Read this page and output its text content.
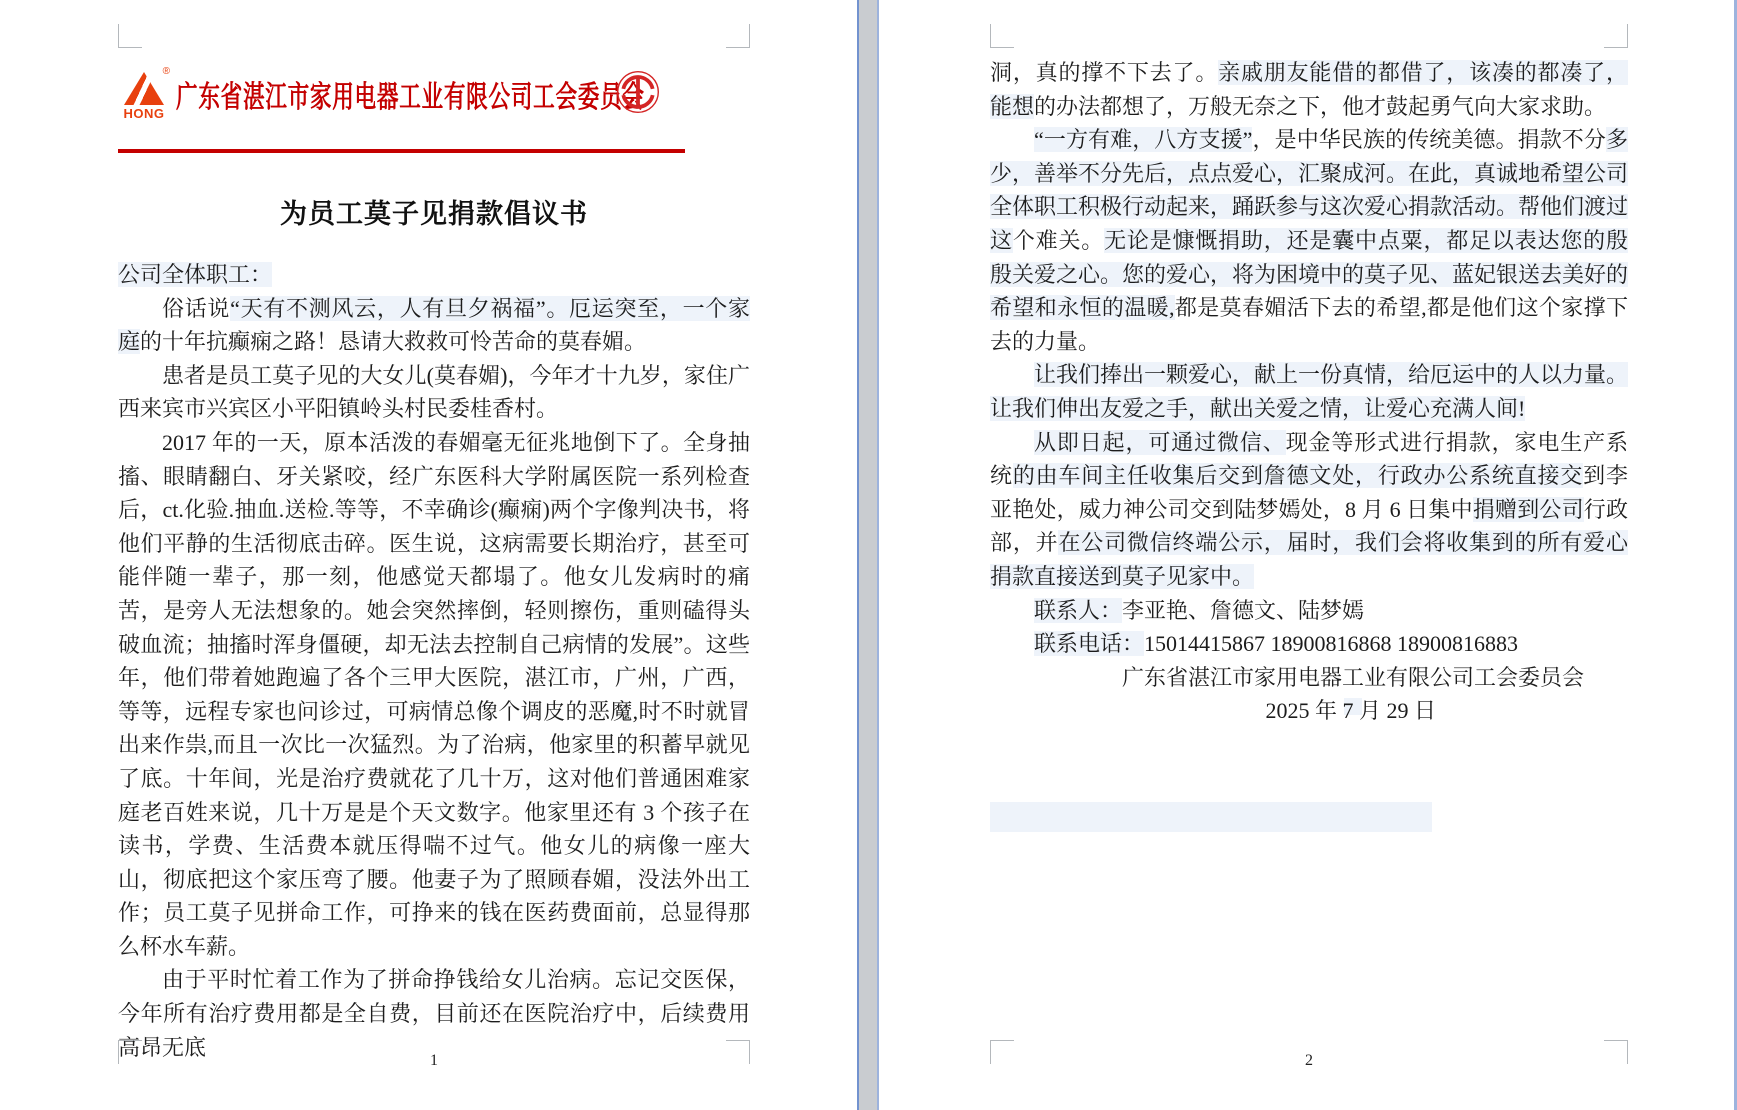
®
HONG 广东省湛江市家用电器工业有限公司工会委员会
为员工莫子见捐款倡议书

公司全体职工：

俗话说“天有不测风云，人有旦夕祸福”。厄运突至，一个家庭的十年抗癫痫之路！恳请大救救可怜苦命的莫春媚。

患者是员工莫子见的大女儿(莫春媚)，今年才十九岁，家住广西来宾市兴宾区小平阳镇岭头村民委桂香村。

2017 年的一天，原本活泼的春媚毫无征兆地倒下了。全身抽搐、眼睛翻白、牙关紧咬，经广东医科大学附属医院一系列检查后，ct.化验.抽血.送检.等等，不幸确诊(癫痫)两个字像判决书，将他们平静的生活彻底击碎。医生说，这病需要长期治疗，甚至可能伴随一辈子，那一刻，他感觉天都塌了。他女儿发病时的痛苦，是旁人无法想象的。她会突然摔倒，轻则擦伤，重则磕得头破血流；抽搐时浑身僵硬，却无法去控制自己病情的发展”。这些年，他们带着她跑遍了各个三甲大医院，湛江市，广州，广西，等等，远程专家也问诊过，可病情总像个调皮的恶魔,时不时就冒出来作祟,而且一次比一次猛烈。为了治病，他家里的积蓄早就见了底。十年间，光是治疗费就花了几十万，这对他们普通困难家庭老百姓来说，几十万是是个天文数字。他家里还有 3 个孩子在读书，学费、生活费本就压得喘不过气。他女儿的病像一座大山，彻底把这个家压弯了腰。他妻子为了照顾春媚，没法外出工作；员工莫子见拼命工作，可挣来的钱在医药费面前，总显得那么杯水车薪。

由于平时忙着工作为了拼命挣钱给女儿治病。忘记交医保，今年所有治疗费用都是全自费，目前还在医院治疗中，后续费用高昂无底

1

洞，真的撑不下去了。亲戚朋友能借的都借了，该凑的都凑了，能想的办法都想了，万般无奈之下，他才鼓起勇气向大家求助。

“一方有难，八方支援”，是中华民族的传统美德。捐款不分多少，善举不分先后，点点爱心，汇聚成河。在此，真诚地希望公司全体职工积极行动起来，踊跃参与这次爱心捐款活动。帮他们渡过这个难关。无论是慷慨捐助，还是囊中点粟，都足以表达您的殷殷关爱之心。您的爱心，将为困境中的莫子见、蓝妃银送去美好的希望和永恒的温暖,都是莫春媚活下去的希望,都是他们这个家撑下去的力量。

让我们捧出一颗爱心，献上一份真情，给厄运中的人以力量。让我们伸出友爱之手，献出关爱之情，让爱心充满人间!

从即日起，可通过微信、现金等形式进行捐款，家电生产系统的由车间主任收集后交到詹德文处，行政办公系统直接交到李亚艳处，威力神公司交到陆梦嫣处，8 月 6 日集中捐赠到公司行政部，并在公司微信终端公示，届时，我们会将收集到的所有爱心捐款直接送到莫子见家中。

联系人：李亚艳、詹德文、陆梦嫣

联系电话：15014415867 18900816868 18900816883

广东省湛江市家用电器工业有限公司工会委员会

2025 年 7 月 29 日

2
